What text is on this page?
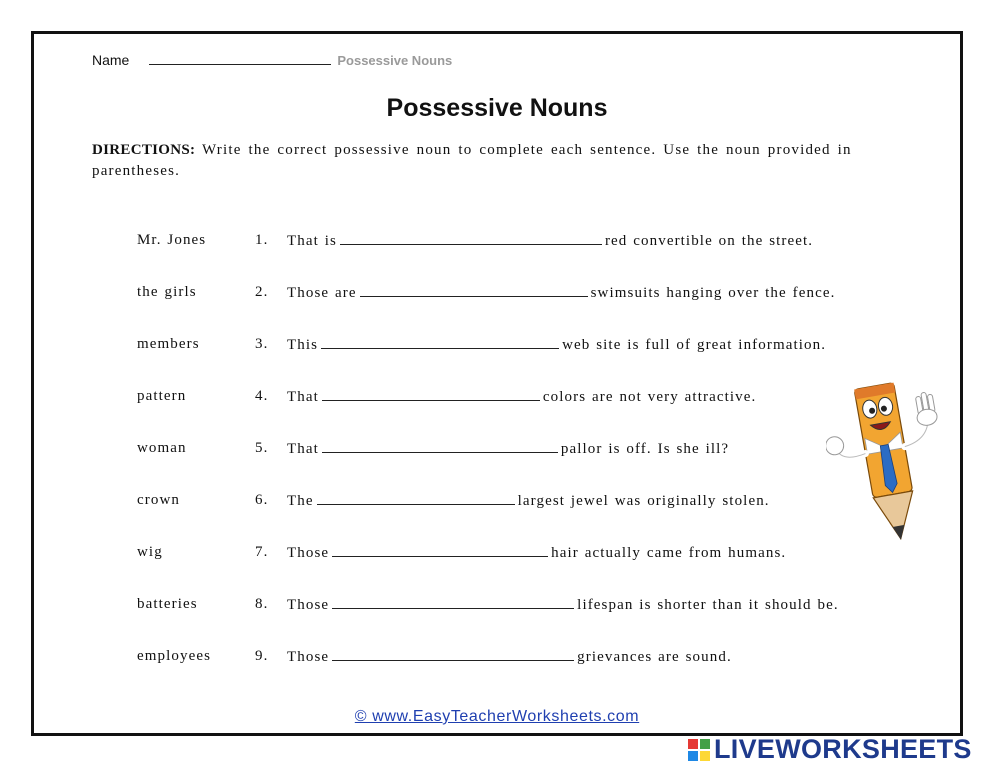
Name	Possessive Nouns
Possessive Nouns
DIRECTIONS: Write the correct possessive noun to complete each sentence. Use the noun provided in parentheses.
Mr. Jones	1. That is	red convertible on the street.
the girls	2. Those are	swimsuits hanging over the fence.
members	3. This	web site is full of great information.
pattern	4. That	colors are not very attractive.
woman	5. That	pallor is off. Is she ill?
crown	6. The	largest jewel was originally stolen.
wig	7. Those	hair actually came from humans.
batteries	8. Those	lifespan is shorter than it should be.
employees	9. Those	grievances are sound.
© www.EasyTeacherWorksheets.com
LIVEWORKSHEETS
